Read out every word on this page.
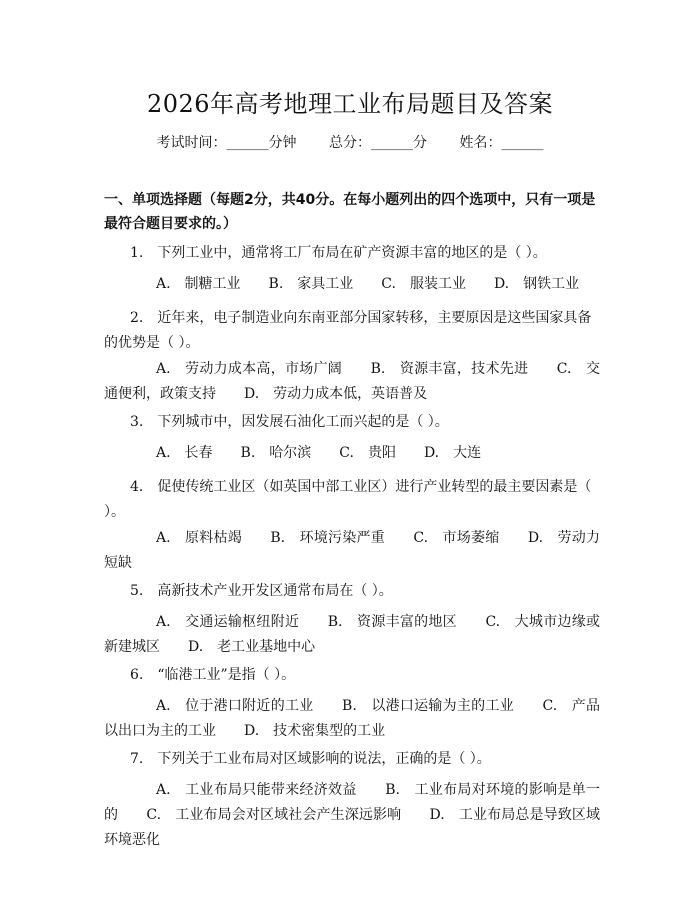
2026年高考地理工业布局题目及答案
考试时间：______分钟 总分：______分 姓名：______
一、单项选择题（每题2分，共40分。在每小题列出的四个选项中，只有一项是最符合题目要求的。）
1.　下列工业中，通常将工厂布局在矿产资源丰富的地区的是（ ）。
A.　制糖工业　　B.　家具工业　　C.　服装工业　　D.　钢铁工业
2.　近年来，电子制造业向东南亚部分国家转移，主要原因是这些国家具备的优势是（ ）。
A.　劳动力成本高，市场广阔　　B.　资源丰富，技术先进　　C.　交通便利，政策支持　　D.　劳动力成本低，英语普及
3.　下列城市中，因发展石油化工而兴起的是（ ）。
A.　长春　　B.　哈尔滨　　C.　贵阳　　D.　大连
4.　促使传统工业区（如英国中部工业区）进行产业转型的最主要因素是（ ）。
A.　原料枯竭　　B.　环境污染严重　　C.　市场萎缩　　D.　劳动力短缺
5.　高新技术产业开发区通常布局在（ ）。
A.　交通运输枢纽附近　　B.　资源丰富的地区　　C.　大城市边缘或新建城区　　D.　老工业基地中心
6.　“临港工业”是指（ ）。
A.　位于港口附近的工业　　B.　以港口运输为主的工业　　C.　产品以出口为主的工业　　D.　技术密集型的工业
7.　下列关于工业布局对区域影响的说法，正确的是（ ）。
A.　工业布局只能带来经济效益　　B.　工业布局对环境的影响是单一的　　C.　工业布局会对区域社会产生深远影响　　D.　工业布局总是导致区域环境恶化
